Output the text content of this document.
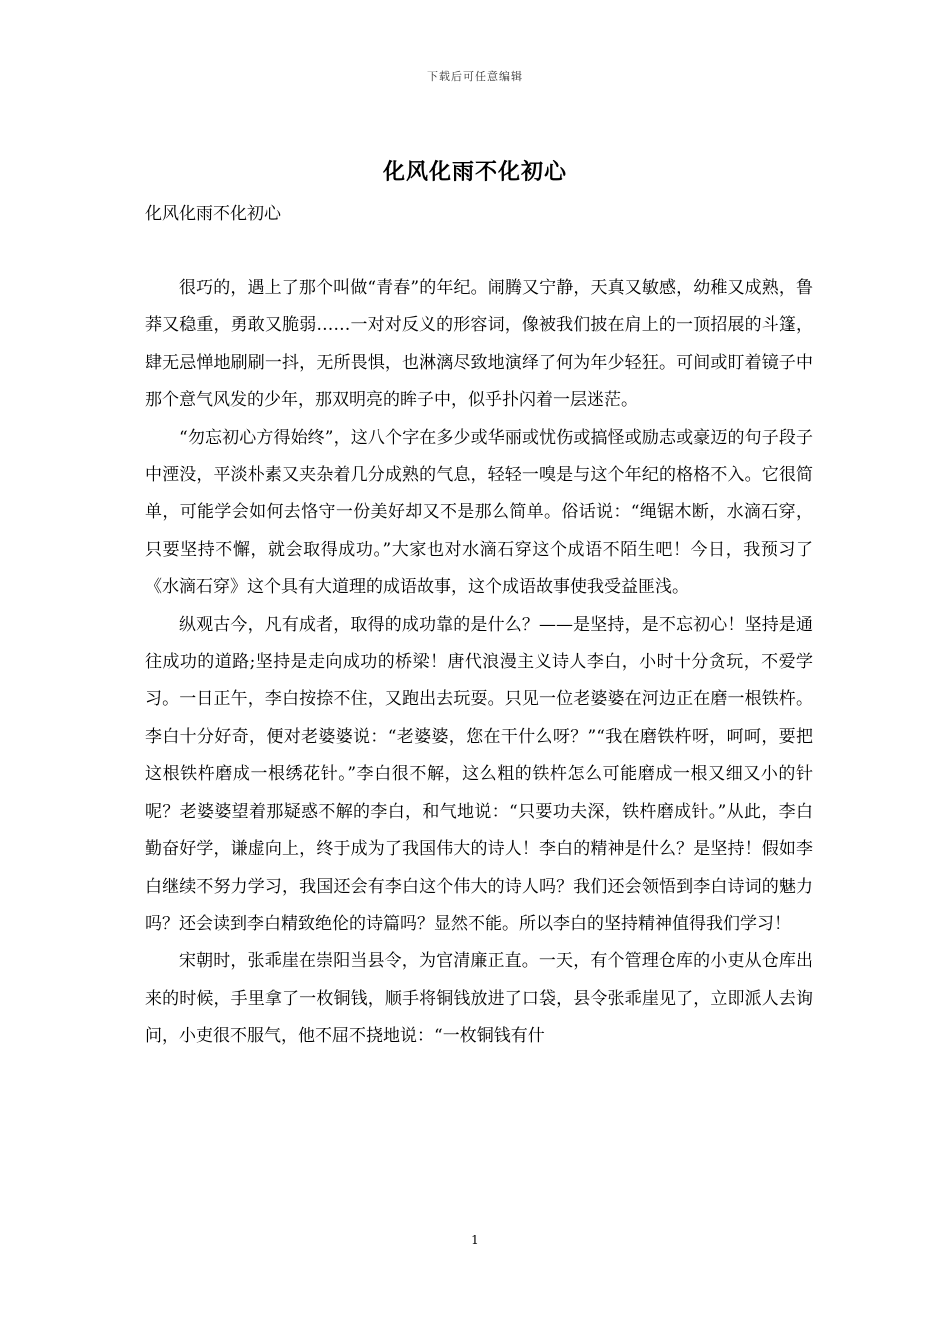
下载后可任意编辑
化风化雨不化初心
化风化雨不化初心

很巧的，遇上了那个叫做“青春”的年纪。闹腾又宁静，天真又敏感，幼稚又成熟，鲁莽又稳重，勇敢又脆弱……一对对反义的形容词，像被我们披在肩上的一顶招展的斗篷，肆无忌惮地刷刷一抖，无所畏惧，也淋漓尽致地演绎了何为年少轻狂。可间或盯着镜子中那个意气风发的少年，那双明亮的眸子中，似乎扑闪着一层迷茫。

“勿忘初心方得始终”，这八个字在多少或华丽或忧伤或搞怪或励志或豪迈的句子段子中湮没，平淡朴素又夹杂着几分成熟的气息，轻轻一嗅是与这个年纪的格格不入。它很简单，可能学会如何去恪守一份美好却又不是那么简单。俗话说：“绳锯木断，水滴石穿，只要坚持不懈，就会取得成功。”大家也对水滴石穿这个成语不陌生吧！今日，我预习了《水滴石穿》这个具有大道理的成语故事，这个成语故事使我受益匪浅。

纵观古今，凡有成者，取得的成功靠的是什么？——是坚持，是不忘初心！坚持是通往成功的道路;坚持是走向成功的桥梁！唐代浪漫主义诗人李白，小时十分贪玩，不爱学习。一日正午，李白按捺不住，又跑出去玩耍。只见一位老婆婆在河边正在磨一根铁杵。李白十分好奇，便对老婆婆说：“老婆婆，您在干什么呀？”“我在磨铁杵呀，呵呵，要把这根铁杵磨成一根绣花针。”李白很不解，这么粗的铁杵怎么可能磨成一根又细又小的针呢？老婆婆望着那疑惑不解的李白，和气地说：“只要功夫深，铁杵磨成针。”从此，李白勤奋好学，谦虚向上，终于成为了我国伟大的诗人！李白的精神是什么？是坚持！假如李白继续不努力学习，我国还会有李白这个伟大的诗人吗？我们还会领悟到李白诗词的魅力吗？还会读到李白精致绝伦的诗篇吗？显然不能。所以李白的坚持精神值得我们学习！

宋朝时，张乖崖在崇阳当县令，为官清廉正直。一天，有个管理仓库的小吏从仓库出来的时候，手里拿了一枚铜钱，顺手将铜钱放进了口袋，县令张乖崖见了，立即派人去询问，小吏很不服气，他不屈不挠地说：“一枚铜钱有什

1
